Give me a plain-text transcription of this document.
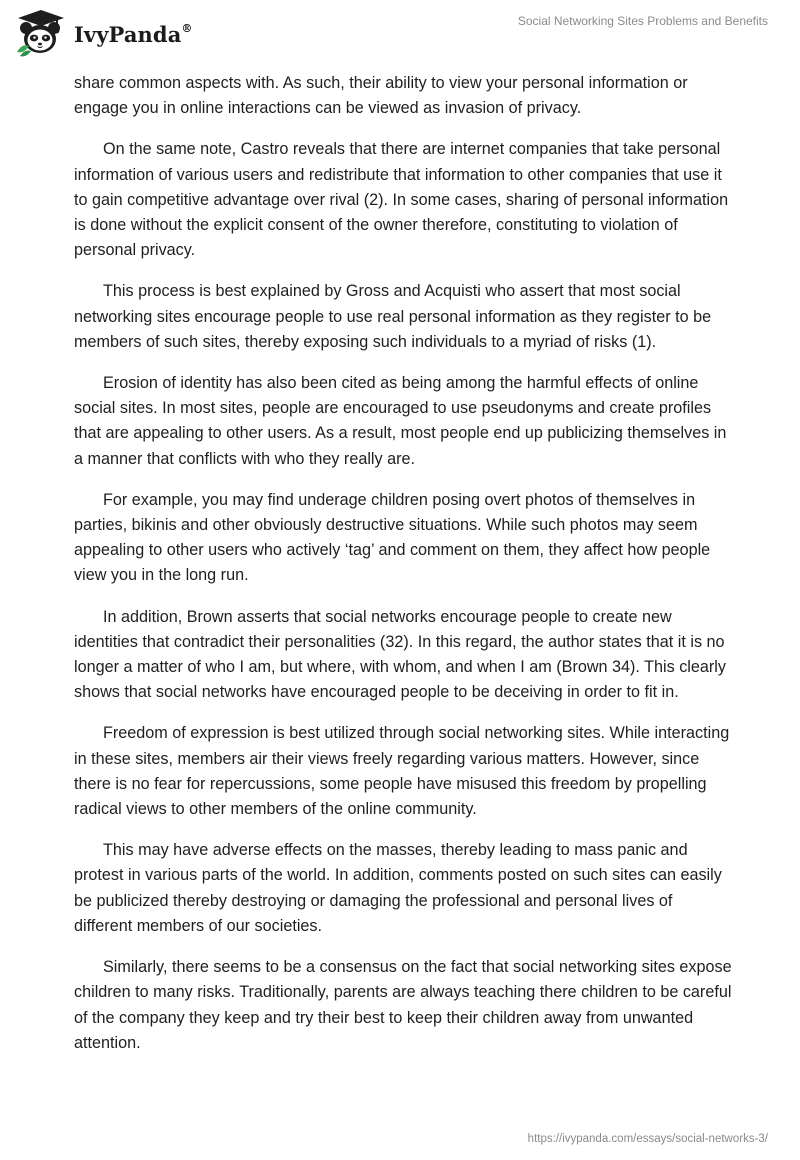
IvyPanda®	Social Networking Sites Problems and Benefits

share common aspects with. As such, their ability to view your personal information or engage you in online interactions can be viewed as invasion of privacy.

On the same note, Castro reveals that there are internet companies that take personal information of various users and redistribute that information to other companies that use it to gain competitive advantage over rival (2). In some cases, sharing of personal information is done without the explicit consent of the owner therefore, constituting to violation of personal privacy.

This process is best explained by Gross and Acquisti who assert that most social networking sites encourage people to use real personal information as they register to be members of such sites, thereby exposing such individuals to a myriad of risks (1).

Erosion of identity has also been cited as being among the harmful effects of online social sites. In most sites, people are encouraged to use pseudonyms and create profiles that are appealing to other users. As a result, most people end up publicizing themselves in a manner that conflicts with who they really are.

For example, you may find underage children posing overt photos of themselves in parties, bikinis and other obviously destructive situations. While such photos may seem appealing to other users who actively ‘tag’ and comment on them, they affect how people view you in the long run.

In addition, Brown asserts that social networks encourage people to create new identities that contradict their personalities (32). In this regard, the author states that it is no longer a matter of who I am, but where, with whom, and when I am (Brown 34). This clearly shows that social networks have encouraged people to be deceiving in order to fit in.

Freedom of expression is best utilized through social networking sites. While interacting in these sites, members air their views freely regarding various matters. However, since there is no fear for repercussions, some people have misused this freedom by propelling radical views to other members of the online community.

This may have adverse effects on the masses, thereby leading to mass panic and protest in various parts of the world. In addition, comments posted on such sites can easily be publicized thereby destroying or damaging the professional and personal lives of different members of our societies.

Similarly, there seems to be a consensus on the fact that social networking sites expose children to many risks. Traditionally, parents are always teaching there children to be careful of the company they keep and try their best to keep their children away from unwanted attention.

https://ivypanda.com/essays/social-networks-3/
